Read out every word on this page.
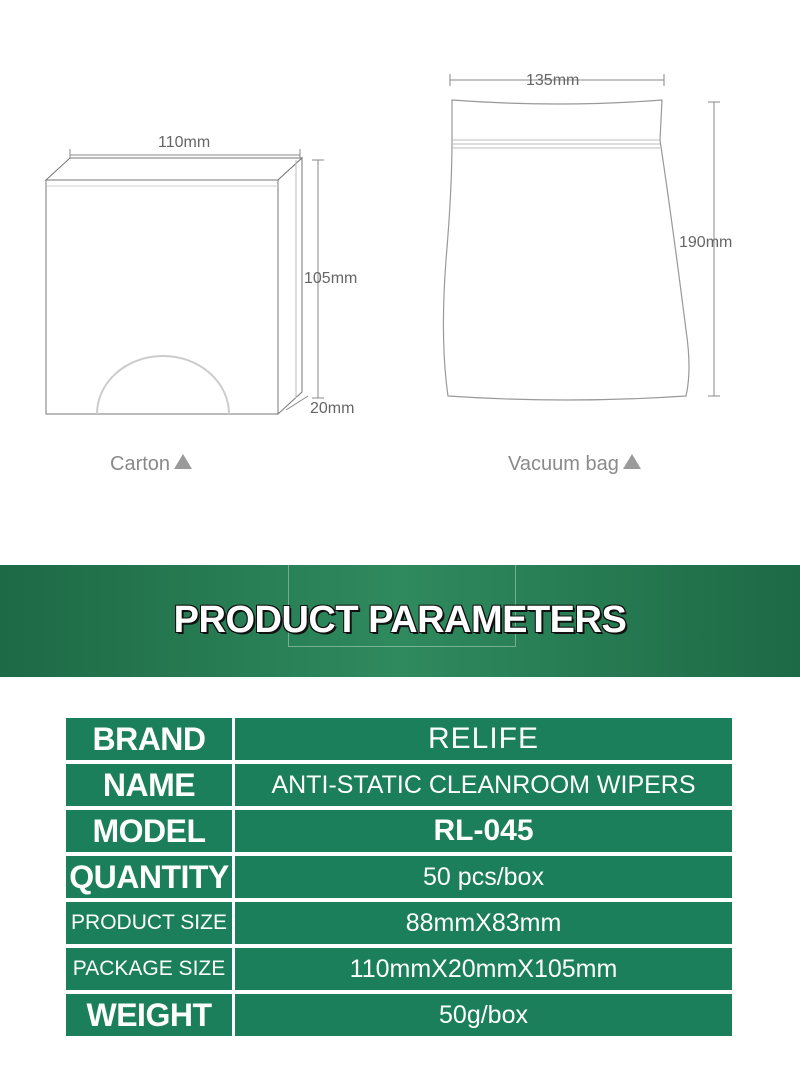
110mm
105mm
20mm
Carton
135mm
190mm
Vacuum bag
PRODUCT PARAMETERS
BRAND	RELIFE
NAME	ANTI-STATIC CLEANROOM WIPERS
MODEL	RL-045
QUANTITY	50 pcs/box
PRODUCT SIZE	88mmX83mm
PACKAGE SIZE	110mmX20mmX105mm
WEIGHT	50g/box
